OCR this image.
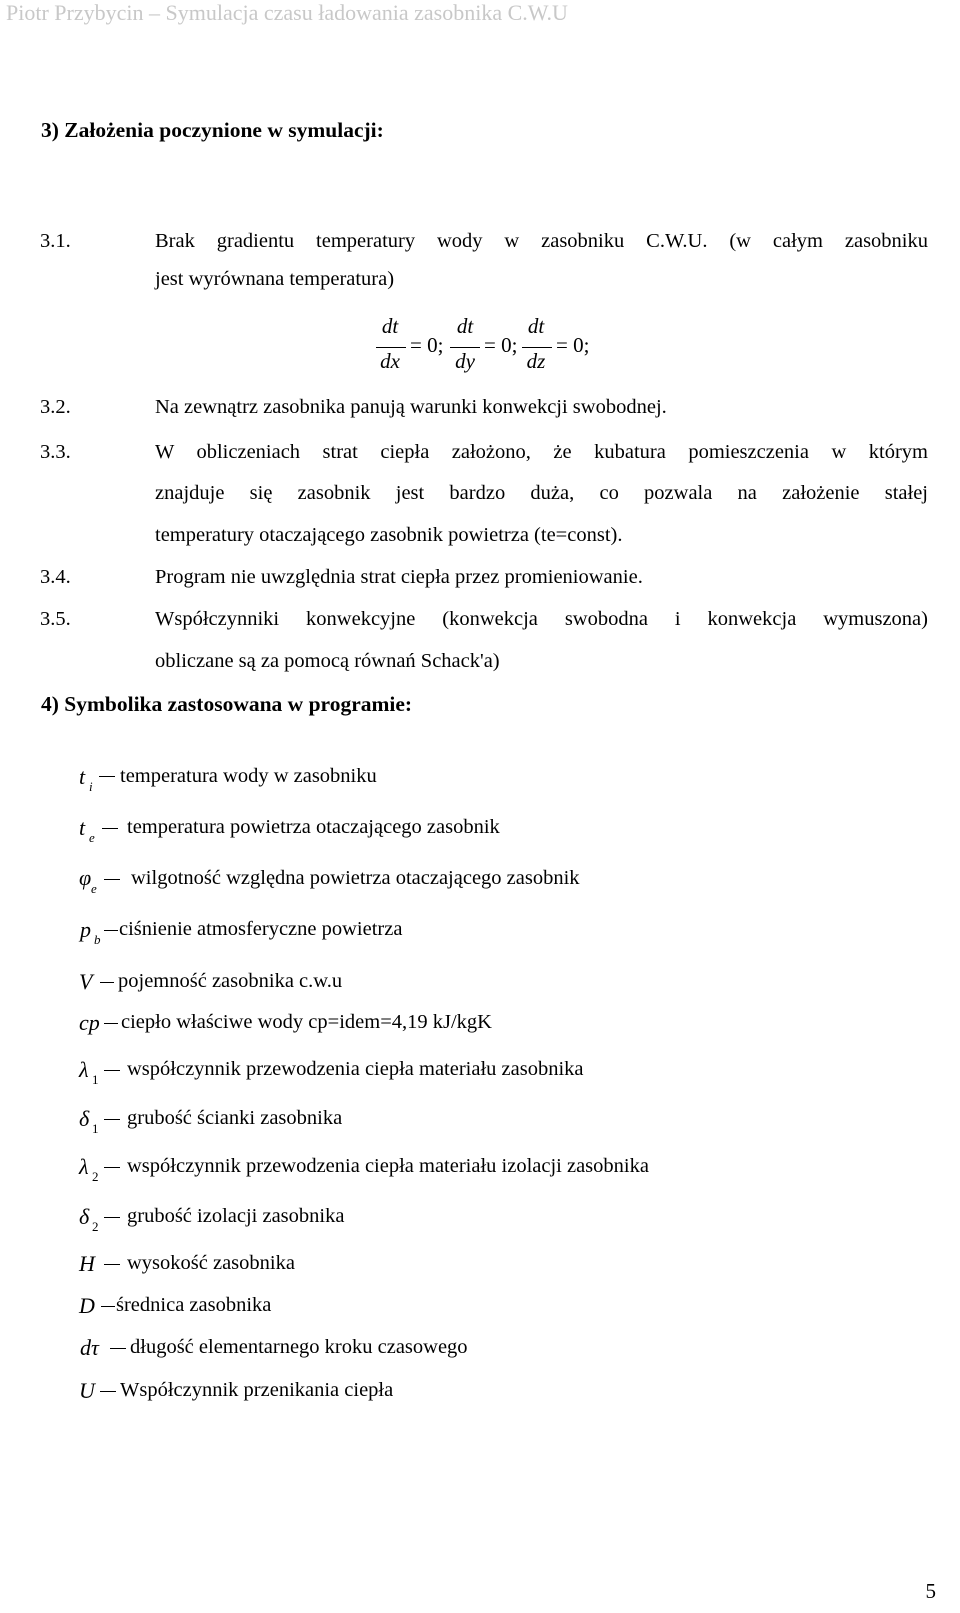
Piotr Przybycin – Symulacja czasu ładowania zasobnika C.W.U
3) Założenia poczynione w symulacji:
3.1.	Brak gradientu temperatury wody w zasobniku C.W.U. (w całym zasobniku
jest wyrównana temperatura)
dt
dx
= 0;
dt
dy
= 0;
dt
dz
= 0;
3.2.	Na zewnątrz zasobnika panują warunki konwekcji swobodnej.
3.3.	W obliczeniach strat ciepła założono, że kubatura pomieszczenia w którym
znajduje się zasobnik jest bardzo duża, co pozwala na założenie stałej
temperatury otaczającego zasobnik powietrza (te=const).
3.4.	Program nie uwzględnia strat ciepła przez promieniowanie.
3.5.	Współczynniki konwekcyjne (konwekcja swobodna i konwekcja wymuszona)
obliczane są za pomocą równań Schack'a)
4) Symbolika zastosowana w programie:
t i temperatura wody w zasobniku
t e temperatura powietrza otaczającego zasobnik
φ e wilgotność względna powietrza otaczającego zasobnik
p b ciśnienie atmosferyczne powietrza
V pojemność zasobnika c.w.u
cp ciepło właściwe wody cp=idem=4,19 kJ/kgK
λ 1 współczynnik przewodzenia ciepła materiału zasobnika
δ 1 grubość ścianki zasobnika
λ 2 współczynnik przewodzenia ciepła materiału izolacji zasobnika
δ 2 grubość izolacji zasobnika
H wysokość zasobnika
D średnica zasobnika
dτ długość elementarnego kroku czasowego
U Współczynnik przenikania ciepła
5
